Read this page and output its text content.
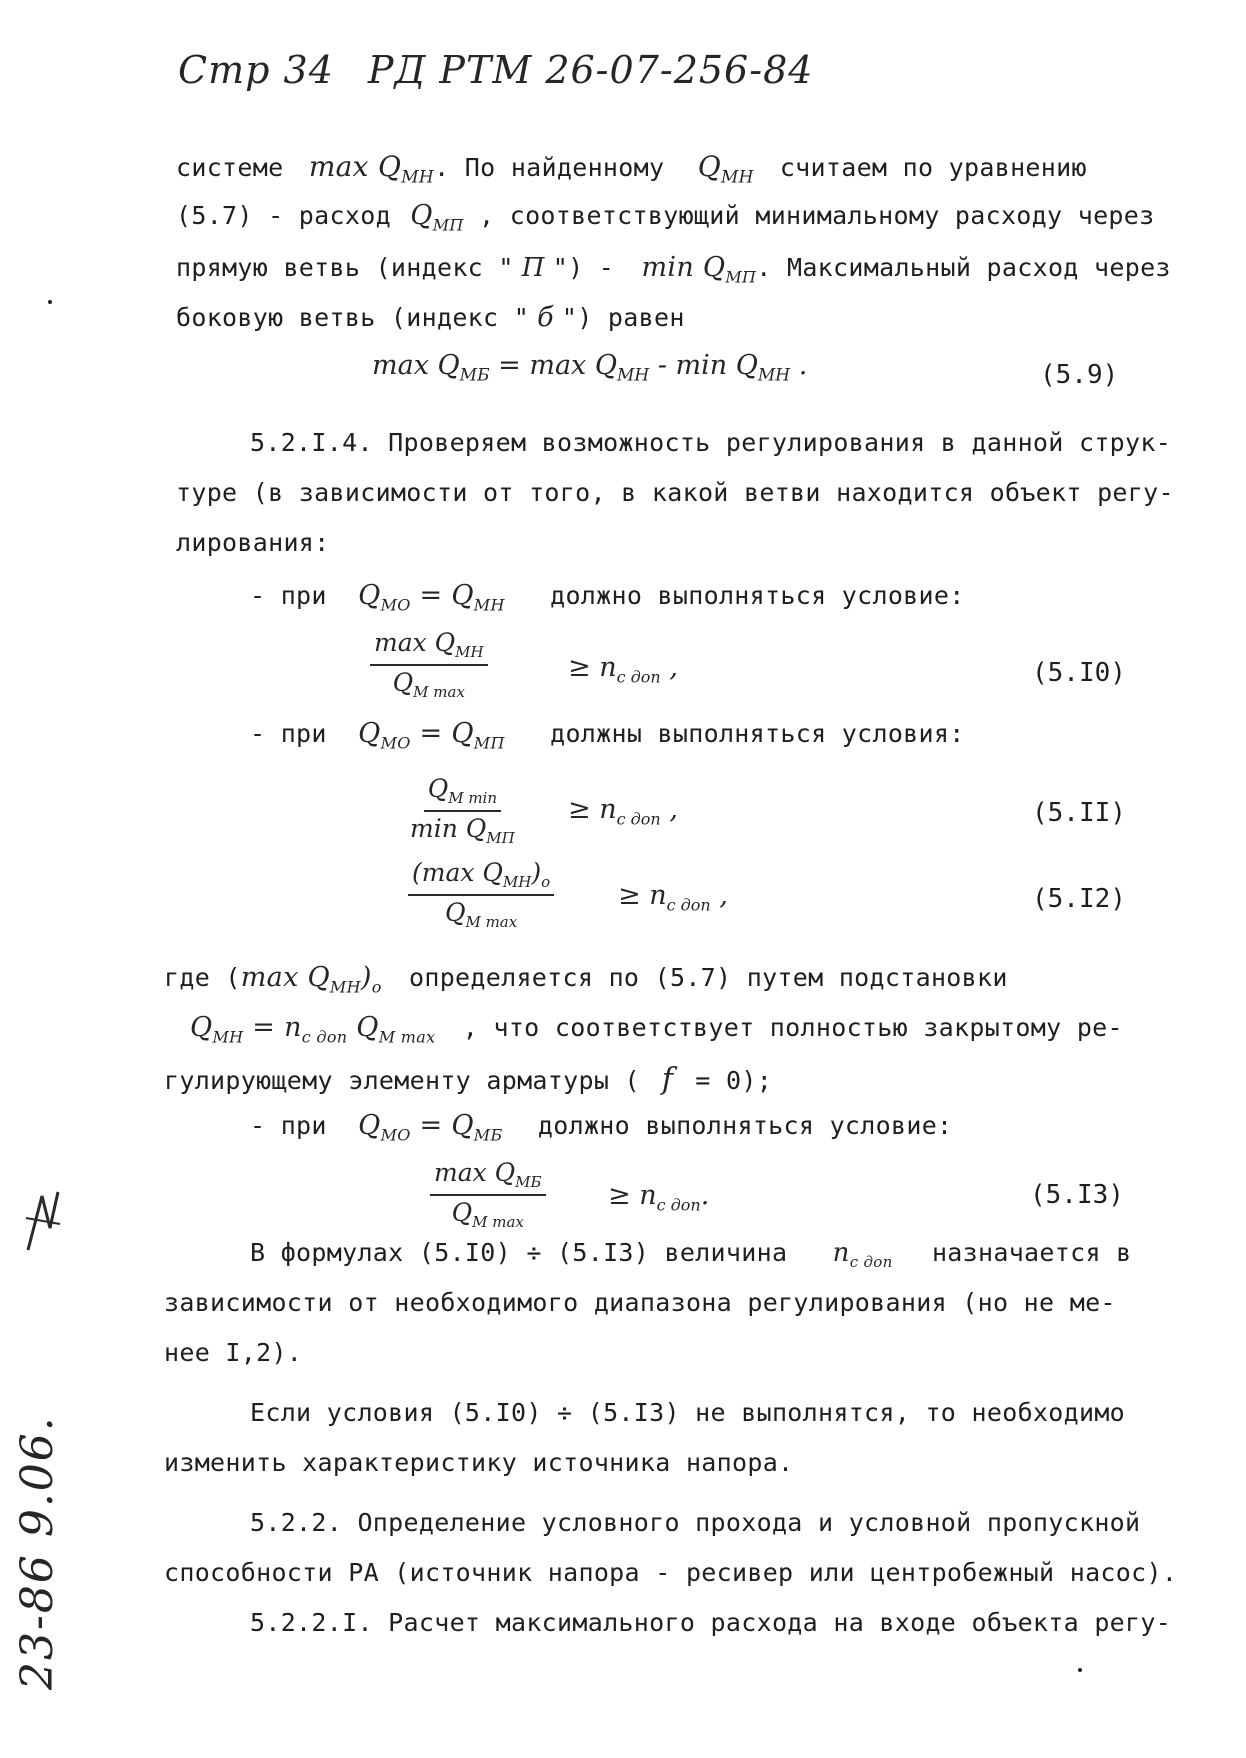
Стр 34 РД РТМ 26-07-256-84
системе $\max Q_{МН}$. По найденному $Q_{МН}$ считаем по уравнению
(5.7) - расход $Q_{МП}$ , соответствующий минимальному расходу через
прямую ветвь (индекс " П ") - $\min Q_{МП}$. Максимальный расход через
боковую ветвь (индекс " б ") равен
$\max Q_{МБ} = \max Q_{МН} - \min Q_{МН}$ .	(5.9)
5.2.I.4. Проверяем возможность регулирования в данной струк-
туре (в зависимости от того, в какой ветви находится объект регу-
лирования:
- при $Q_{МО} = Q_{МН}$ должно выполняться условие:
$\max Q_{МН}$
$Q_{M max}$
≥ $n_{c доп}$ ,	(5.I0)
- при $Q_{МО} = Q_{МП}$ должны выполняться условия:
$Q_{M min}$
$\min Q_{МП}$
≥ $n_{c доп}$ ,	(5.II)
(max $Q_{МН})_о$
$Q_{M max}$
≥ $n_{c доп}$ ,	(5.I2)
где (max $Q_{МН})_о$ определяется по (5.7) путем подстановки
$Q_{МН} = n_{c доп}$ $Q_{M max}$ , что соответствует полностью закрытому ре-
гулирующему элементу арматуры ( f = 0);
- при $Q_{МО} = Q_{МБ}$ должно выполняться условие:
$\max Q_{МБ}$
$Q_{M max}$
≥ $n_{c доп}$.	(5.I3)
В формулах (5.I0) ÷ (5.I3) величина $n_{c доп}$ назначается в
зависимости от необходимого диапазона регулирования (но не ме-
нее I,2).
Если условия (5.I0) ÷ (5.I3) не выполнятся, то необходимо
изменить характеристику источника напора.
5.2.2. Определение условного прохода и условной пропускной
способности РА (источник напора - ресивер или центробежный насос).
5.2.2.I. Расчет максимального расхода на входе объекта регу-
23-86 9.06.
